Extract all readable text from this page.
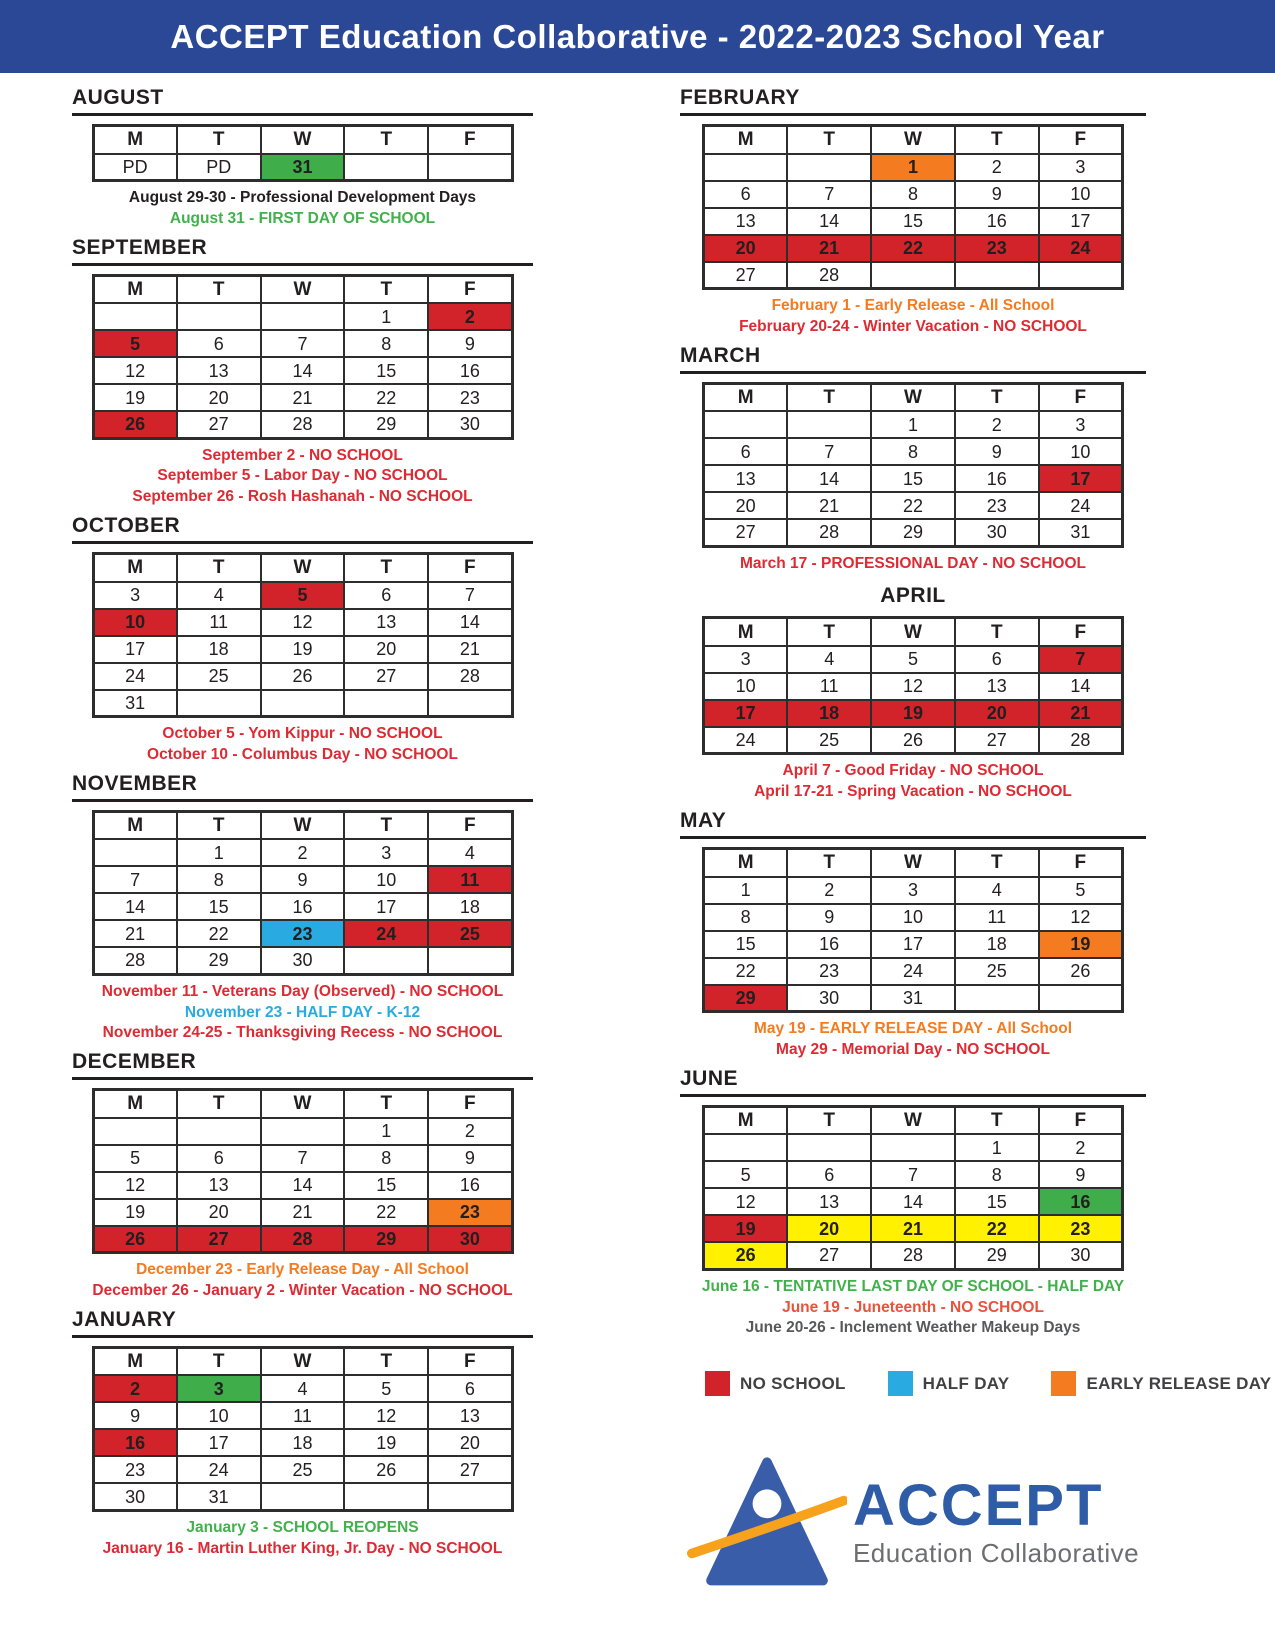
ACCEPT Education Collaborative - 2022-2023 School Year
AUGUST
M	T	W	T	F
PD	PD	31		

August 29-30 - Professional Development Days

August 31 - FIRST DAY OF SCHOOL

SEPTEMBER
M	T	W	T	F
			1	2
5	6	7	8	9
12	13	14	15	16
19	20	21	22	23
26	27	28	29	30

September 2 - NO SCHOOL

September 5 - Labor Day - NO SCHOOL

September 26 - Rosh Hashanah - NO SCHOOL

OCTOBER
M	T	W	T	F
3	4	5	6	7
10	11	12	13	14
17	18	19	20	21
24	25	26	27	28
31				

October 5 - Yom Kippur - NO SCHOOL

October 10 - Columbus Day - NO SCHOOL

NOVEMBER
M	T	W	T	F
	1	2	3	4
7	8	9	10	11
14	15	16	17	18
21	22	23	24	25
28	29	30		

November 11 - Veterans Day (Observed) - NO SCHOOL

November 23 - HALF DAY - K-12

November 24-25 - Thanksgiving Recess - NO SCHOOL

DECEMBER
M	T	W	T	F
			1	2
5	6	7	8	9
12	13	14	15	16
19	20	21	22	23
26	27	28	29	30

December 23 - Early Release Day - All School

December 26 - January 2 - Winter Vacation - NO SCHOOL

JANUARY
M	T	W	T	F
2	3	4	5	6
9	10	11	12	13
16	17	18	19	20
23	24	25	26	27
30	31			

January 3 - SCHOOL REOPENS

January 16 - Martin Luther King, Jr. Day - NO SCHOOL

FEBRUARY
M	T	W	T	F
		1	2	3
6	7	8	9	10
13	14	15	16	17
20	21	22	23	24
27	28			

February 1 - Early Release - All School

February 20-24 - Winter Vacation - NO SCHOOL

MARCH
M	T	W	T	F
		1	2	3
6	7	8	9	10
13	14	15	16	17
20	21	22	23	24
27	28	29	30	31

March 17 - PROFESSIONAL DAY - NO SCHOOL

APRIL
M	T	W	T	F
3	4	5	6	7
10	11	12	13	14
17	18	19	20	21
24	25	26	27	28

April 7 - Good Friday - NO SCHOOL

April 17-21 - Spring Vacation - NO SCHOOL

MAY
M	T	W	T	F
1	2	3	4	5
8	9	10	11	12
15	16	17	18	19
22	23	24	25	26
29	30	31		

May 19 - EARLY RELEASE DAY - All School

May 29 - Memorial Day - NO SCHOOL

JUNE
M	T	W	T	F
			1	2
5	6	7	8	9
12	13	14	15	16
19	20	21	22	23
26	27	28	29	30

June 16 - TENTATIVE LAST DAY OF SCHOOL - HALF DAY

June 19 - Juneteenth - NO SCHOOL

June 20-26 - Inclement Weather Makeup Days

NO SCHOOL	HALF DAY	EARLY RELEASE DAY
ACCEPT
Education Collaborative
